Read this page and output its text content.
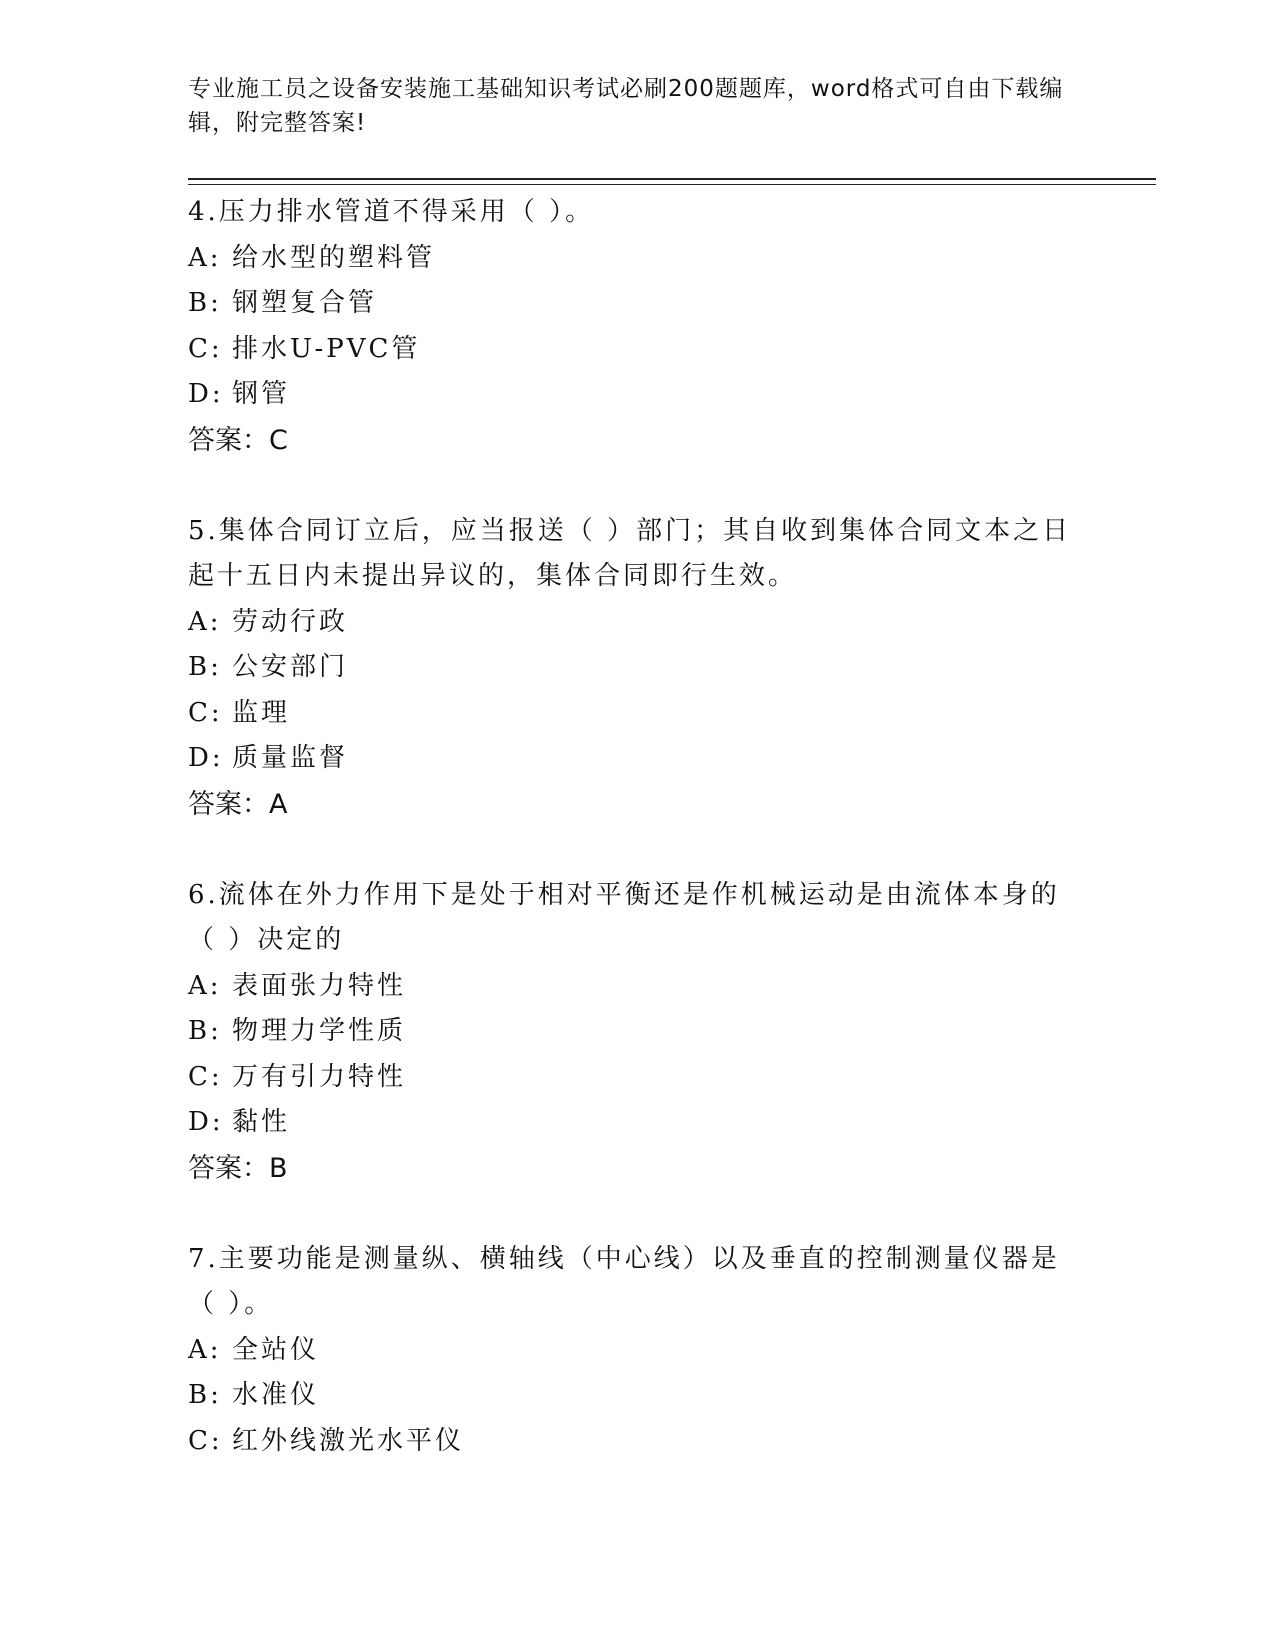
专业施工员之设备安装施工基础知识考试必刷200题题库，word格式可自由下载编辑，附完整答案!

4.压力排水管道不得采用（ ）。

A: 给水型的塑料管

B: 钢塑复合管

C: 排水U-PVC管

D: 钢管

答案：C

5.集体合同订立后，应当报送（ ）部门；其自收到集体合同文本之日起十五日内未提出异议的，集体合同即行生效。

A: 劳动行政

B: 公安部门

C: 监理

D: 质量监督

答案：A

6.流体在外力作用下是处于相对平衡还是作机械运动是由流体本身的（ ）决定的

A: 表面张力特性

B: 物理力学性质

C: 万有引力特性

D: 黏性

答案：B

7.主要功能是测量纵、横轴线（中心线）以及垂直的控制测量仪器是（ ）。

A: 全站仪

B: 水准仪

C: 红外线激光水平仪
